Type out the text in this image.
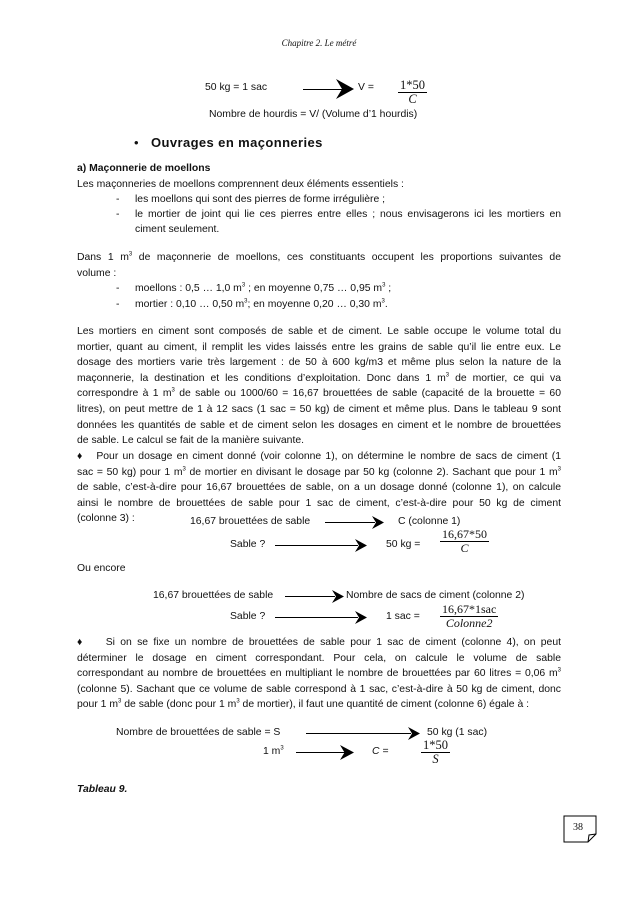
Chapitre 2. Le métré
50 kg = 1 sac	$V = \frac{1*50}{C}$
Nombre de hourdis = V/ (Volume d’1 hourdis)
• Ouvrages en maçonneries
a) Maçonnerie de moellons
Les maçonneries de moellons comprennent deux éléments essentiels :
- les moellons qui sont des pierres de forme irrégulière ;
- le mortier de joint qui lie ces pierres entre elles ; nous envisagerons ici les mortiers en
ciment seulement.
Dans 1 $m^3$ de maçonnerie de moellons, ces constituants occupent les proportions suivantes de
volume :
- moellons : 0,5 … 1,0 $m^3$ ; en moyenne 0,75 … 0,95 $m^3$ ;
- mortier : 0,10 … 0,50 $m^3$; en moyenne 0,20 … 0,30 $m^3$.
Les mortiers en ciment sont composés de sable et de ciment. Le sable occupe le volume total du
mortier, quant au ciment, il remplit les vides laissés entre les grains de sable qu’il lie entre eux. Le
dosage des mortiers varie très largement : de 50 à 600 kg/m3 et même plus selon la nature de la
maçonnerie, la destination et les conditions d’exploitation. Donc dans 1 $m^3$ de mortier, ce qui va
correspondre à 1 $m^3$ de sable ou 1000/60 = 16,67 brouettées de sable (capacité de la brouette = 60
litres), on peut mettre de 1 à 12 sacs (1 sac = 50 kg) de ciment et même plus. Dans le tableau 9 sont
données les quantités de sable et de ciment selon les dosages en ciment et le nombre de brouettées
de sable. Le calcul se fait de la manière suivante.
♦ Pour un dosage en ciment donné (voir colonne 1), on détermine le nombre de sacs de ciment (1
sac = 50 kg) pour 1 $m^3$ de mortier en divisant le dosage par 50 kg (colonne 2). Sachant que pour 1 $m^3$
de sable, c’est-à-dire pour 16,67 brouettées de sable, on a un dosage donné (colonne 1), on calcule
ainsi le nombre de brouettées de sable pour 1 sac de ciment, c’est-à-dire pour 50 kg de ciment
(colonne 3) :	16,67 brouettées de sable	C (colonne 1)
Sable ?	50 kg = $\frac{16,67*50}{C}$
Ou encore
16,67 brouettées de sable	Nombre de sacs de ciment (colonne 2)
Sable ?	1 sac =
16,67*1sac
Colonne2
♦ Si on se fixe un nombre de brouettées de sable pour 1 sac de ciment (colonne 4), on peut
déterminer le dosage en ciment correspondant. Pour cela, on calcule le volume de sable
correspondant au nombre de brouettées en multipliant le nombre de brouettées par 60 litres = 0,06 $m^3$
(colonne 5). Sachant que ce volume de sable correspond à 1 sac, c’est-à-dire à 50 kg de ciment, donc
pour 1 $m^3$ de sable (donc pour 1 $m^3$ de mortier), il faut une quantité de ciment (colonne 6) égale à :
Nombre de brouettées de sable = S	50 kg (1 sac)
1 $m^3$	C =	$\frac{1*50}{S}$
Tableau 9.
38
